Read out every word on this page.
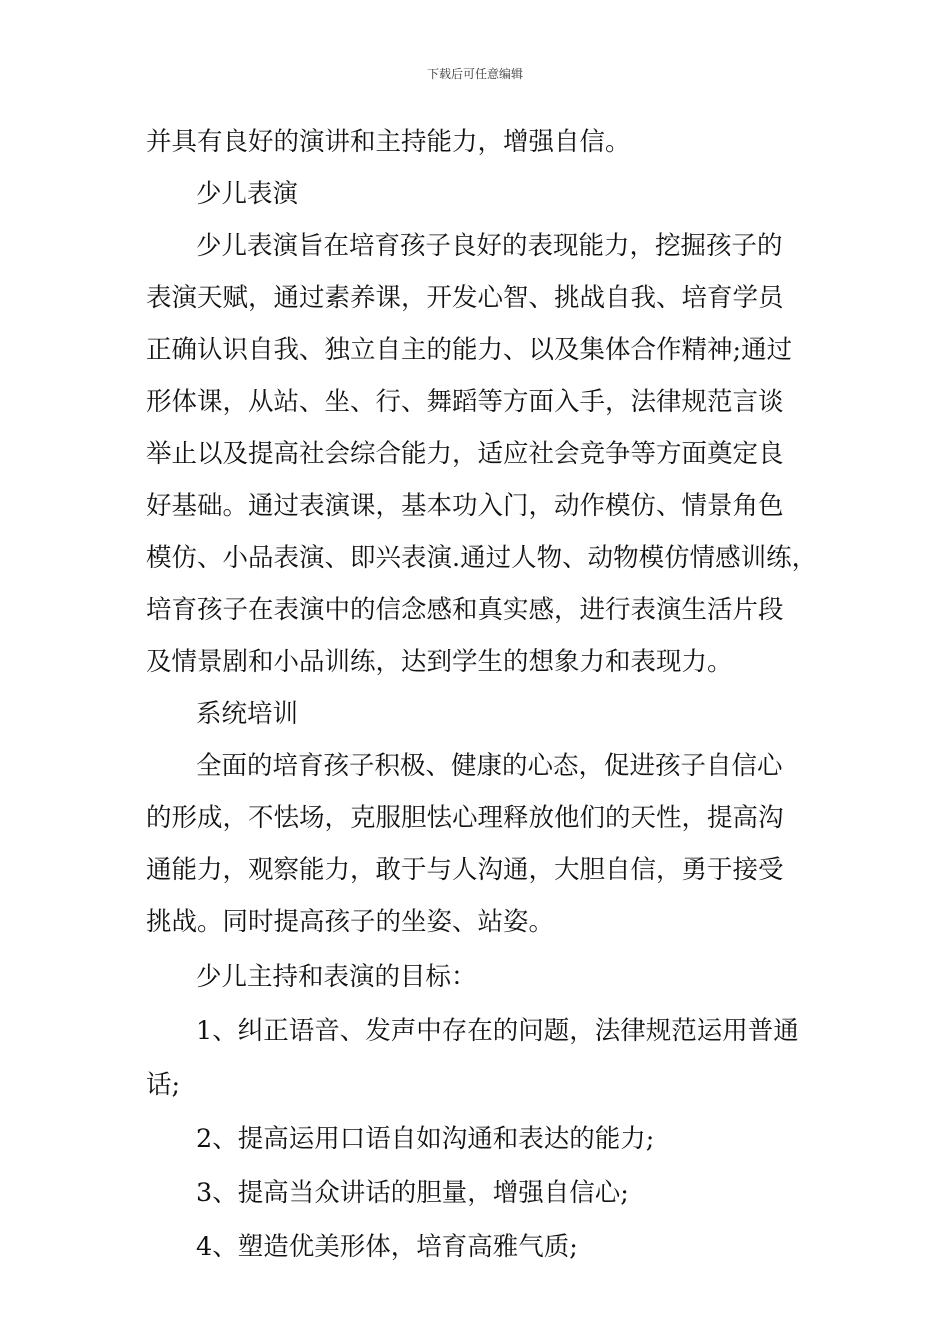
下载后可任意编辑

并具有良好的演讲和主持能力，增强自信。

少儿表演

少儿表演旨在培育孩子良好的表现能力，挖掘孩子的

表演天赋，通过素养课，开发心智、挑战自我、培育学员

正确认识自我、独立自主的能力、以及集体合作精神;通过

形体课，从站、坐、行、舞蹈等方面入手，法律规范言谈

举止以及提高社会综合能力，适应社会竞争等方面奠定良

好基础。通过表演课，基本功入门，动作模仿、情景角色

模仿、小品表演、即兴表演.通过人物、动物模仿情感训练，

培育孩子在表演中的信念感和真实感，进行表演生活片段

及情景剧和小品训练，达到学生的想象力和表现力。

系统培训

全面的培育孩子积极、健康的心态，促进孩子自信心

的形成，不怯场，克服胆怯心理释放他们的天性，提高沟

通能力，观察能力，敢于与人沟通，大胆自信，勇于接受

挑战。同时提高孩子的坐姿、站姿。

少儿主持和表演的目标：

1、纠正语音、发声中存在的问题，法律规范运用普通

话;

2、提高运用口语自如沟通和表达的能力;

3、提高当众讲话的胆量，增强自信心;

4、塑造优美形体，培育高雅气质;
